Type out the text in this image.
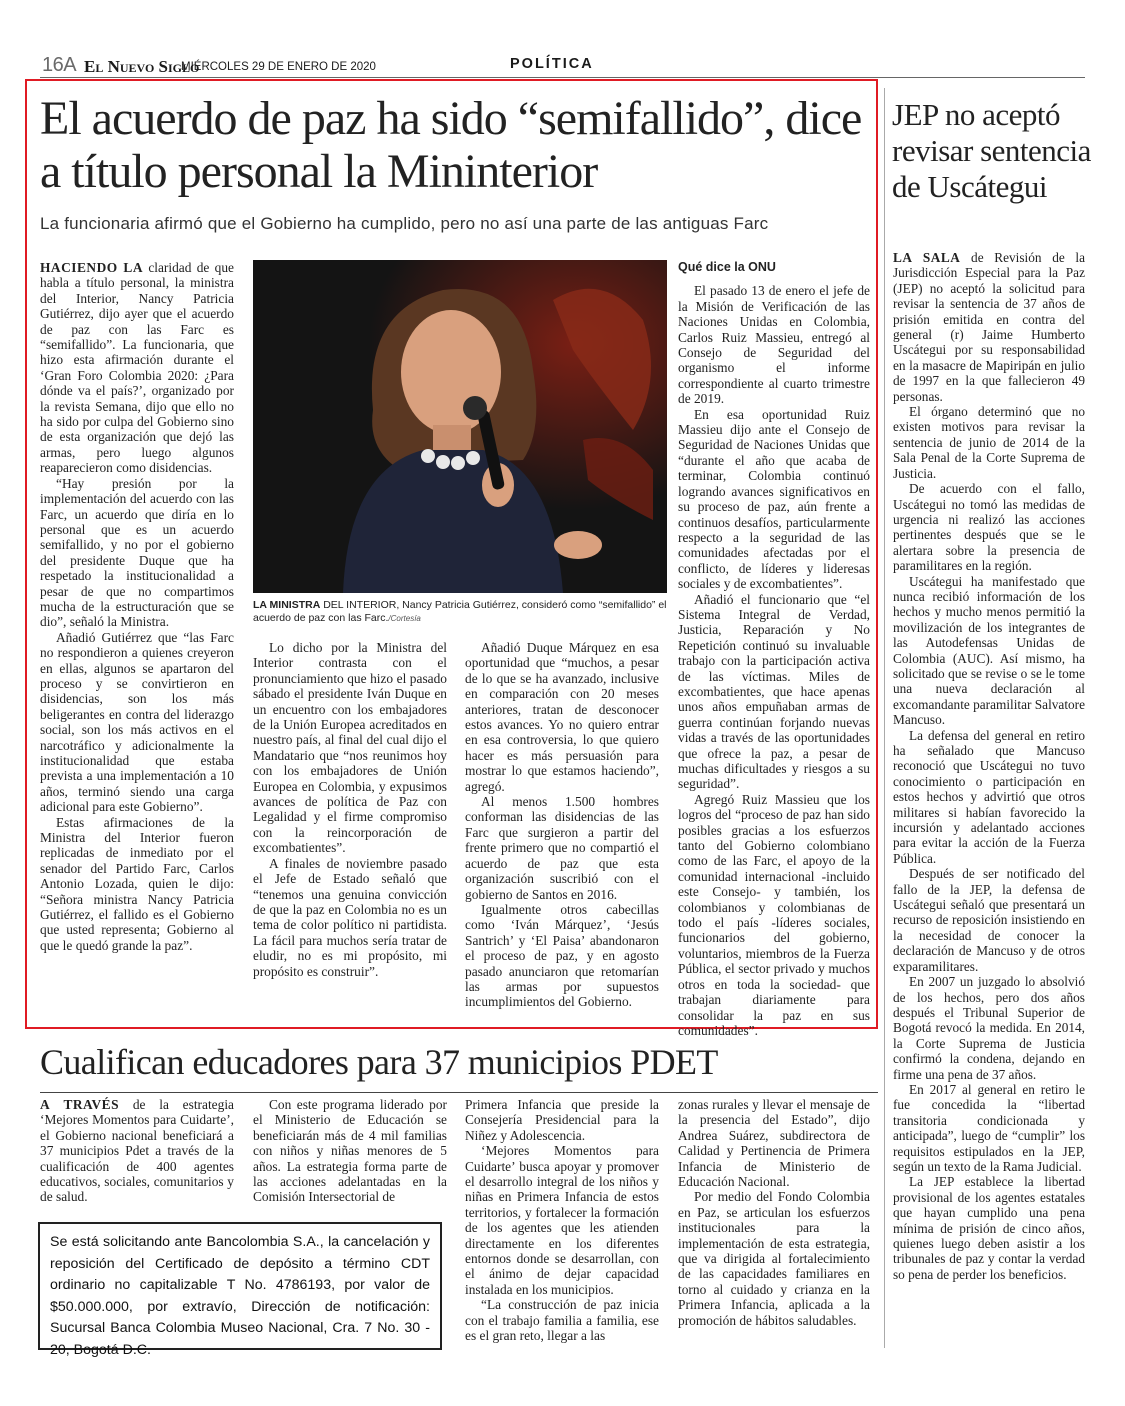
16A El Nuevo Siglo
MIÉRCOLES 29 DE ENERO DE 2020	POLÍTICA
El acuerdo de paz ha sido “semifallido”, dice a título personal la Mininterior
La funcionaria afirmó que el Gobierno ha cumplido, pero no así una parte de las antiguas Farc

HACIENDO LA claridad de que habla a título personal, la ministra del Interior, Nancy Patricia Gutiérrez, dijo ayer que el acuerdo de paz con las Farc es “semifallido”. La funcionaria, que hizo esta afirmación durante el ‘Gran Foro Colombia 2020: ¿Para dónde va el país?’, organizado por la revista Semana, dijo que ello no ha sido por culpa del Gobierno sino de esta organización que dejó las armas, pero luego algunos reaparecieron como disidencias.

“Hay presión por la implementación del acuerdo con las Farc, un acuerdo que diría en lo personal que es un acuerdo semifallido, y no por el gobierno del presidente Duque que ha respetado la institucionalidad a pesar de que no compartimos mucha de la estructuración que se dio”, señaló la Ministra.

Añadió Gutiérrez que “las Farc no respondieron a quienes creyeron en ellas, algunos se apartaron del proceso y se convirtieron en disidencias, son los más beligerantes en contra del liderazgo social, son los más activos en el narcotráfico y adicionalmente la institucionalidad que estaba prevista a una implementación a 10 años, terminó siendo una carga adicional para este Gobierno”.

Estas afirmaciones de la Ministra del Interior fueron replicadas de inmediato por el senador del Partido Farc, Carlos Antonio Lozada, quien le dijo: “Señora ministra Nancy Patricia Gutiérrez, el fallido es el Gobierno que usted representa; Gobierno al que le quedó grande la paz”.

LA MINISTRA DEL INTERIOR, Nancy Patricia Gutiérrez, consideró como “semifallido” el acuerdo de paz con las Farc./Cortesía

Lo dicho por la Ministra del Interior contrasta con el pronunciamiento que hizo el pasado sábado el presidente Iván Duque en un encuentro con los embajadores de la Unión Europea acreditados en nuestro país, al final del cual dijo el Mandatario que “nos reunimos hoy con los embajadores de Unión Europea en Colombia, y expusimos avances de política de Paz con Legalidad y el firme compromiso con la reincorporación de excombatientes”.

A finales de noviembre pasado el Jefe de Estado señaló que “tenemos una genuina convicción de que la paz en Colombia no es un tema de color político ni partidista. La fácil para muchos sería tratar de eludir, no es mi propósito, mi propósito es construir”.

Añadió Duque Márquez en esa oportunidad que “muchos, a pesar de lo que se ha avanzado, inclusive en comparación con 20 meses anteriores, tratan de desconocer estos avances. Yo no quiero entrar en esa controversia, lo que quiero hacer es más persuasión para mostrar lo que estamos haciendo”, agregó.

Al menos 1.500 hombres conforman las disidencias de las Farc que surgieron a partir del frente primero que no compartió el acuerdo de paz que esta organización suscribió con el gobierno de Santos en 2016.

Igualmente otros cabecillas como ‘Iván Márquez’, ‘Jesús Santrich’ y ‘El Paisa’ abandonaron el proceso de paz, y en agosto pasado anunciaron que retomarían las armas por supuestos incumplimientos del Gobierno.

Qué dice la ONU

El pasado 13 de enero el jefe de la Misión de Verificación de las Naciones Unidas en Colombia, Carlos Ruiz Massieu, entregó al Consejo de Seguridad del organismo el informe correspondiente al cuarto trimestre de 2019.

En esa oportunidad Ruiz Massieu dijo ante el Consejo de Seguridad de Naciones Unidas que “durante el año que acaba de terminar, Colombia continuó logrando avances significativos en su proceso de paz, aún frente a continuos desafíos, particularmente respecto a la seguridad de las comunidades afectadas por el conflicto, de líderes y lideresas sociales y de excombatientes”.

Añadió el funcionario que “el Sistema Integral de Verdad, Justicia, Reparación y No Repetición continuó su invaluable trabajo con la participación activa de las víctimas. Miles de excombatientes, que hace apenas unos años empuñaban armas de guerra continúan forjando nuevas vidas a través de las oportunidades que ofrece la paz, a pesar de muchas dificultades y riesgos a su seguridad”.

Agregó Ruiz Massieu que los logros del “proceso de paz han sido posibles gracias a los esfuerzos tanto del Gobierno colombiano como de las Farc, el apoyo de la comunidad internacional -incluido este Consejo- y también, los colombianos y colombianas de todo el país -líderes sociales, funcionarios del gobierno, voluntarios, miembros de la Fuerza Pública, el sector privado y muchos otros en toda la sociedad- que trabajan diariamente para consolidar la paz en sus comunidades”.

JEP no aceptó revisar sentencia de Uscátegui

LA SALA de Revisión de la Jurisdicción Especial para la Paz (JEP) no aceptó la solicitud para revisar la sentencia de 37 años de prisión emitida en contra del general (r) Jaime Humberto Uscátegui por su responsabilidad en la masacre de Mapiripán en julio de 1997 en la que fallecieron 49 personas.

El órgano determinó que no existen motivos para revisar la sentencia de junio de 2014 de la Sala Penal de la Corte Suprema de Justicia.

De acuerdo con el fallo, Uscátegui no tomó las medidas de urgencia ni realizó las acciones pertinentes después que se le alertara sobre la presencia de paramilitares en la región.

Uscátegui ha manifestado que nunca recibió información de los hechos y mucho menos permitió la movilización de los integrantes de las Autodefensas Unidas de Colombia (AUC). Así mismo, ha solicitado que se revise o se le tome una nueva declaración al excomandante paramilitar Salvatore Mancuso.

La defensa del general en retiro ha señalado que Mancuso reconoció que Uscátegui no tuvo conocimiento o participación en estos hechos y advirtió que otros militares si habían favorecido la incursión y adelantado acciones para evitar la acción de la Fuerza Pública.

Después de ser notificado del fallo de la JEP, la defensa de Uscátegui señaló que presentará un recurso de reposición insistiendo en la necesidad de conocer la declaración de Mancuso y de otros exparamilitares.

En 2007 un juzgado lo absolvió de los hechos, pero dos años después el Tribunal Superior de Bogotá revocó la medida. En 2014, la Corte Suprema de Justicia confirmó la condena, dejando en firme una pena de 37 años.

En 2017 al general en retiro le fue concedida la “libertad transitoria condicionada y anticipada”, luego de “cumplir” los requisitos estipulados en la JEP, según un texto de la Rama Judicial.

La JEP establece la libertad provisional de los agentes estatales que hayan cumplido una pena mínima de prisión de cinco años, quienes luego deben asistir a los tribunales de paz y contar la verdad so pena de perder los beneficios.

Cualifican educadores para 37 municipios PDET

A TRAVÉS de la estrategia ‘Mejores Momentos para Cuidarte’, el Gobierno nacional beneficiará a 37 municipios Pdet a través de la cualificación de 400 agentes educativos, sociales, comunitarios y de salud.

Con este programa liderado por el Ministerio de Educación se beneficiarán más de 4 mil familias con niños y niñas menores de 5 años. La estrategia forma parte de las acciones adelantadas en la Comisión Intersectorial de

Primera Infancia que preside la Consejería Presidencial para la Niñez y Adolescencia.

‘Mejores Momentos para Cuidarte’ busca apoyar y promover el desarrollo integral de los niños y niñas en Primera Infancia de estos territorios, y fortalecer la formación de los agentes que les atienden directamente en los diferentes entornos donde se desarrollan, con el ánimo de dejar capacidad instalada en los municipios.

“La construcción de paz inicia con el trabajo familia a familia, ese es el gran reto, llegar a las

zonas rurales y llevar el mensaje de la presencia del Estado”, dijo Andrea Suárez, subdirectora de Calidad y Pertinencia de Primera Infancia de Ministerio de Educación Nacional.

Por medio del Fondo Colombia en Paz, se articulan los esfuerzos institucionales para la implementación de esta estrategia, que va dirigida al fortalecimiento de las capacidades familiares en torno al cuidado y crianza en la Primera Infancia, aplicada a la promoción de hábitos saludables.

Se está solicitando ante Bancolombia S.A., la cancelación y reposición del Certificado de depósito a término CDT ordinario no capitalizable T No. 4786193, por valor de $50.000.000, por extravío, Dirección de notificación: Sucursal Banca Colombia Museo Nacional, Cra. 7 No. 30 - 20, Bogotá D.C.
